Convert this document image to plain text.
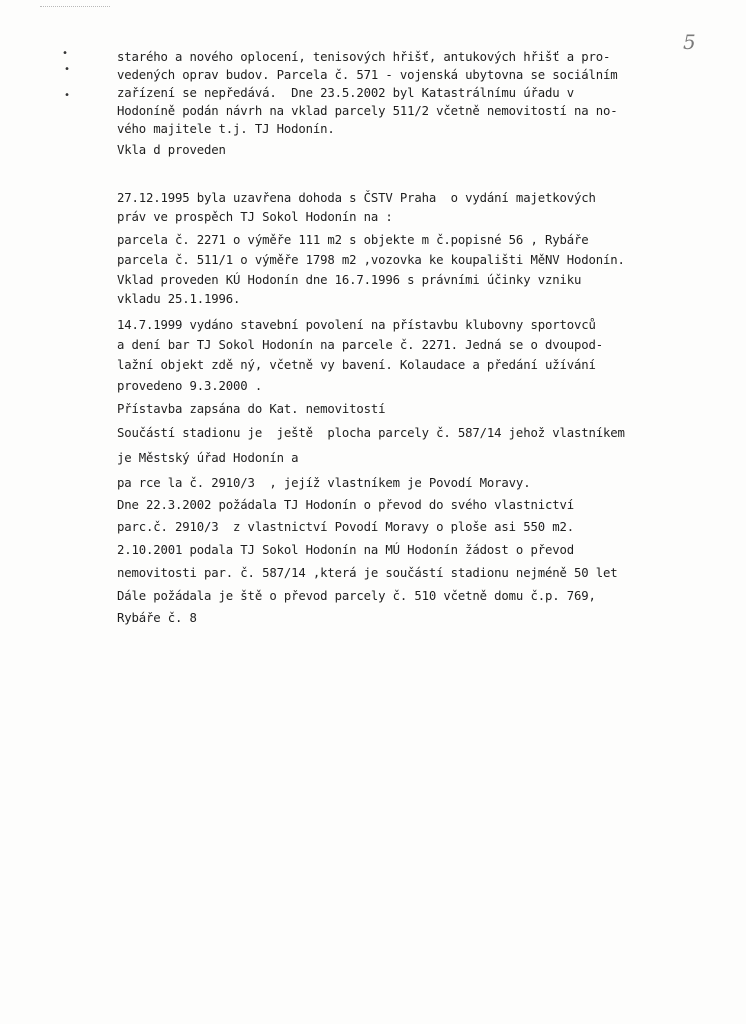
5
•
•
•
starého a nového oplocení, tenisových hřišť, antukových hřišť a pro-
vedených oprav budov. Parcela č. 571 - vojenská ubytovna se sociálním
zařízení se nepředává.  Dne 23.5.2002 byl Katastrálnímu úřadu v
Hodoníně podán návrh na vklad parcely 511/2 včetně nemovitostí na no-
vého majitele t.j. TJ Hodonín.
Vkla d proveden
27.12.1995 byla uzavřena dohoda s ČSTV Praha  o vydání majetkových
práv ve prospěch TJ Sokol Hodonín na :
parcela č. 2271 o výměře 111 m2 s objekte m č.popisné 56 , Rybáře
parcela č. 511/1 o výměře 1798 m2 ,vozovka ke koupališti MěNV Hodonín.
Vklad proveden KÚ Hodonín dne 16.7.1996 s právními účinky vzniku
vkladu 25.1.1996.
14.7.1999 vydáno stavební povolení na přístavbu klubovny sportovců
a dení bar TJ Sokol Hodonín na parcele č. 2271. Jedná se o dvoupod-
lažní objekt zdě ný, včetně vy bavení. Kolaudace a předání užívání
provedeno 9.3.2000 .
Přístavba zapsána do Kat. nemovitostí
Součástí stadionu je  ještě  plocha parcely č. 587/14 jehož vlastníkem
je Městský úřad Hodonín a
pa rce la č. 2910/3  , jejíž vlastníkem je Povodí Moravy.
Dne 22.3.2002 požádala TJ Hodonín o převod do svého vlastnictví
parc.č. 2910/3  z vlastnictví Povodí Moravy o ploše asi 550 m2.
2.10.2001 podala TJ Sokol Hodonín na MÚ Hodonín žádost o převod
nemovitosti par. č. 587/14 ,která je součástí stadionu nejméně 50 let
Dále požádala je ště o převod parcely č. 510 včetně domu č.p. 769,
Rybáře č. 8
